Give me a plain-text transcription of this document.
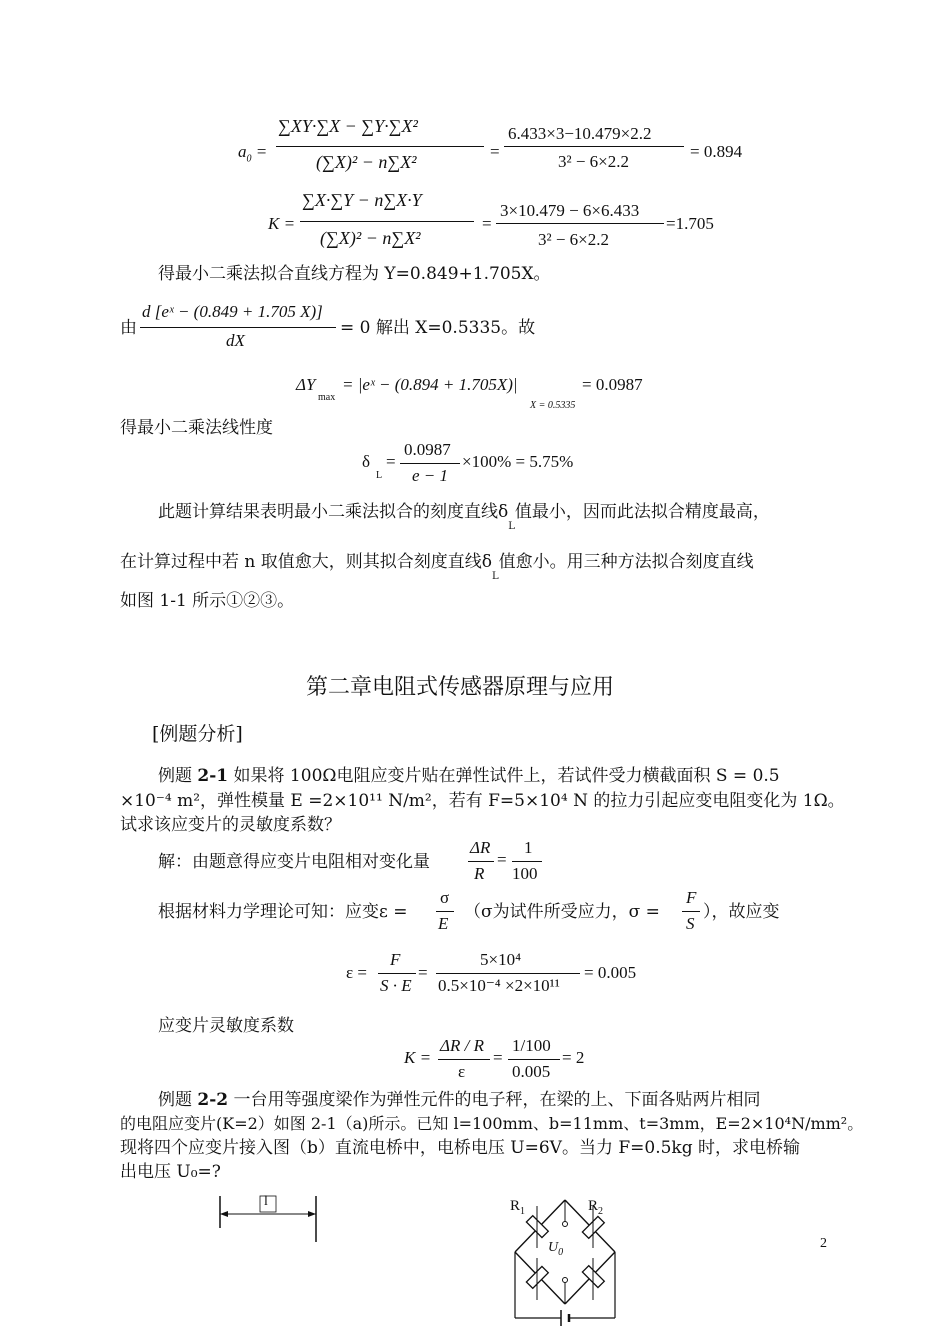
$a_0$ =
∑XY·∑X − ∑Y·∑X²
(∑X)² − n∑X²
=
6.433×3−10.479×2.2
3² − 6×2.2
= 0.894
K =
∑X·∑Y − n∑X·Y
(∑X)² − n∑X²
=
3×10.479 − 6×6.433
3² − 6×2.2
=1.705
得最小二乘法拟合直线方程为 Y=0.849+1.705X。
由
d [eˣ − (0.849 + 1.705 X)]
dX
= 0 解出 X=0.5335。故
ΔY
max
= |eˣ − (0.894 + 1.705X)|
X = 0.5335
= 0.0987
得最小二乘法线性度
δ
L
=
0.0987
e − 1
×100% = 5.75%
此题计算结果表明最小二乘法拟合的刻度直线$\delta_L$值最小，因而此法拟合精度最高，
在计算过程中若 n 取值愈大，则其拟合刻度直线$\delta_L$值愈小。用三种方法拟合刻度直线
如图 1-1 所示①②③。
第二章电阻式传感器原理与应用
[例题分析]
例题 2-1 如果将 100Ω电阻应变片贴在弹性试件上，若试件受力横截面积 S = 0.5
×10⁻⁴ m²，弹性模量 E =2×10¹¹ N/m²，若有 F=5×10⁴ N 的拉力引起应变电阻变化为 1Ω。
试求该应变片的灵敏度系数？
解：由题意得应变片电阻相对变化量
ΔR
R
=
1
100
根据材料力学理论可知：应变ε =
σ
E
（σ为试件所受应力，σ =
F
S
），故应变
ε =
F
S · E
=
5×10⁴
0.5×10⁻⁴ ×2×10¹¹
= 0.005
应变片灵敏度系数
K =
ΔR / R
ε
=
1/100
0.005
= 2
例题 2-2 一台用等强度梁作为弹性元件的电子秤，在梁的上、下面各贴两片相同
的电阻应变片(K=2）如图 2-1（a)所示。已知 l=100mm、b=11mm、t=3mm，E=2×10⁴N/mm²。
现将四个应变片接入图（b）直流电桥中，电桥电压 U=6V。当力 F=0.5kg 时，求电桥输
出电压 U₀=?
l	$R_1$	$R_2$
$U_0$
2
